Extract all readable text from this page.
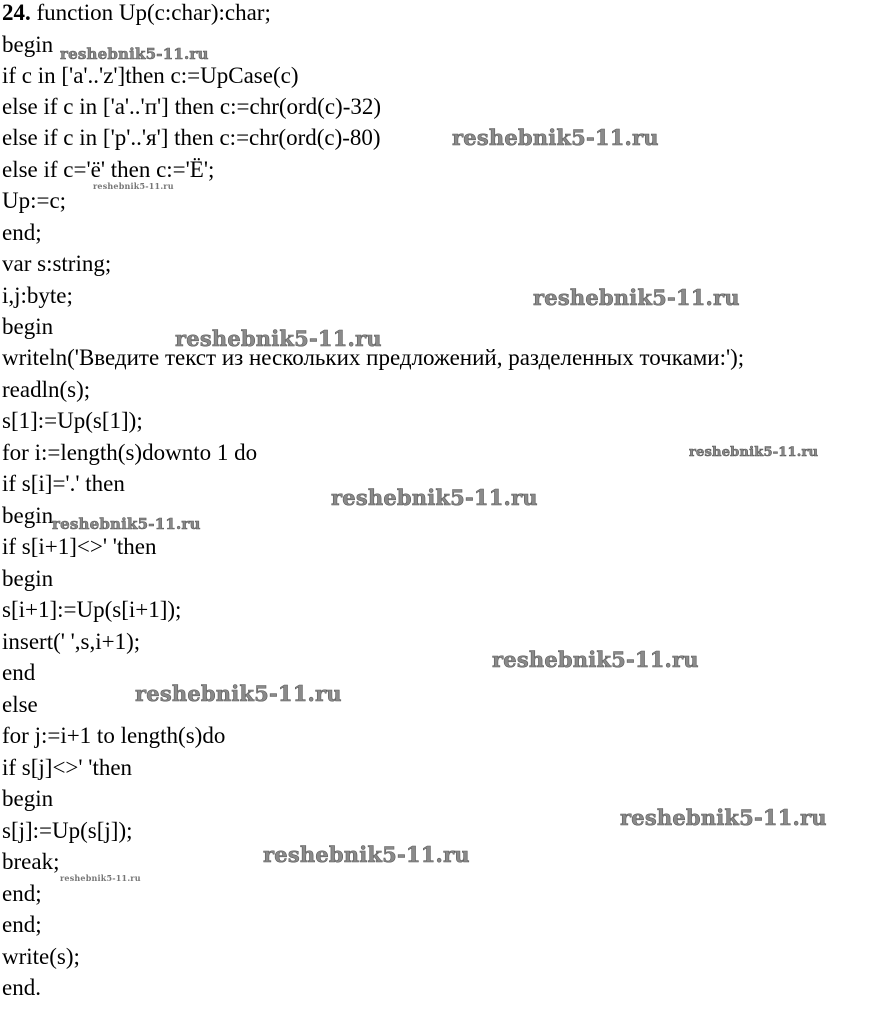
24. function Up(c:char):char;
begin
if c in ['a'..'z']then c:=UpCase(c)
else if c in ['а'..'п'] then c:=chr(ord(c)-32)
else if c in ['р'..'я'] then c:=chr(ord(c)-80)
else if c='ё' then c:='Ё';
Up:=c;
end;
var s:string;
i,j:byte;
begin
writeln('Введите текст из нескольких предложений, разделенных точками:');
readln(s);
s[1]:=Up(s[1]);
for i:=length(s)downto 1 do
if s[i]='.' then
begin
if s[i+1]<>' 'then
begin
s[i+1]:=Up(s[i+1]);
insert(' ',s,i+1);
end
else
for j:=i+1 to length(s)do
if s[j]<>' 'then
begin
s[j]:=Up(s[j]);
break;
end;
end;
write(s);
end.
reshebnik5-11.ru
reshebnik5-11.ru
reshebnik5-11.ru
reshebnik5-11.ru
reshebnik5-11.ru
reshebnik5-11.ru
reshebnik5-11.ru
reshebnik5-11.ru
reshebnik5-11.ru
reshebnik5-11.ru
reshebnik5-11.ru
reshebnik5-11.ru
reshebnik5-11.ru
